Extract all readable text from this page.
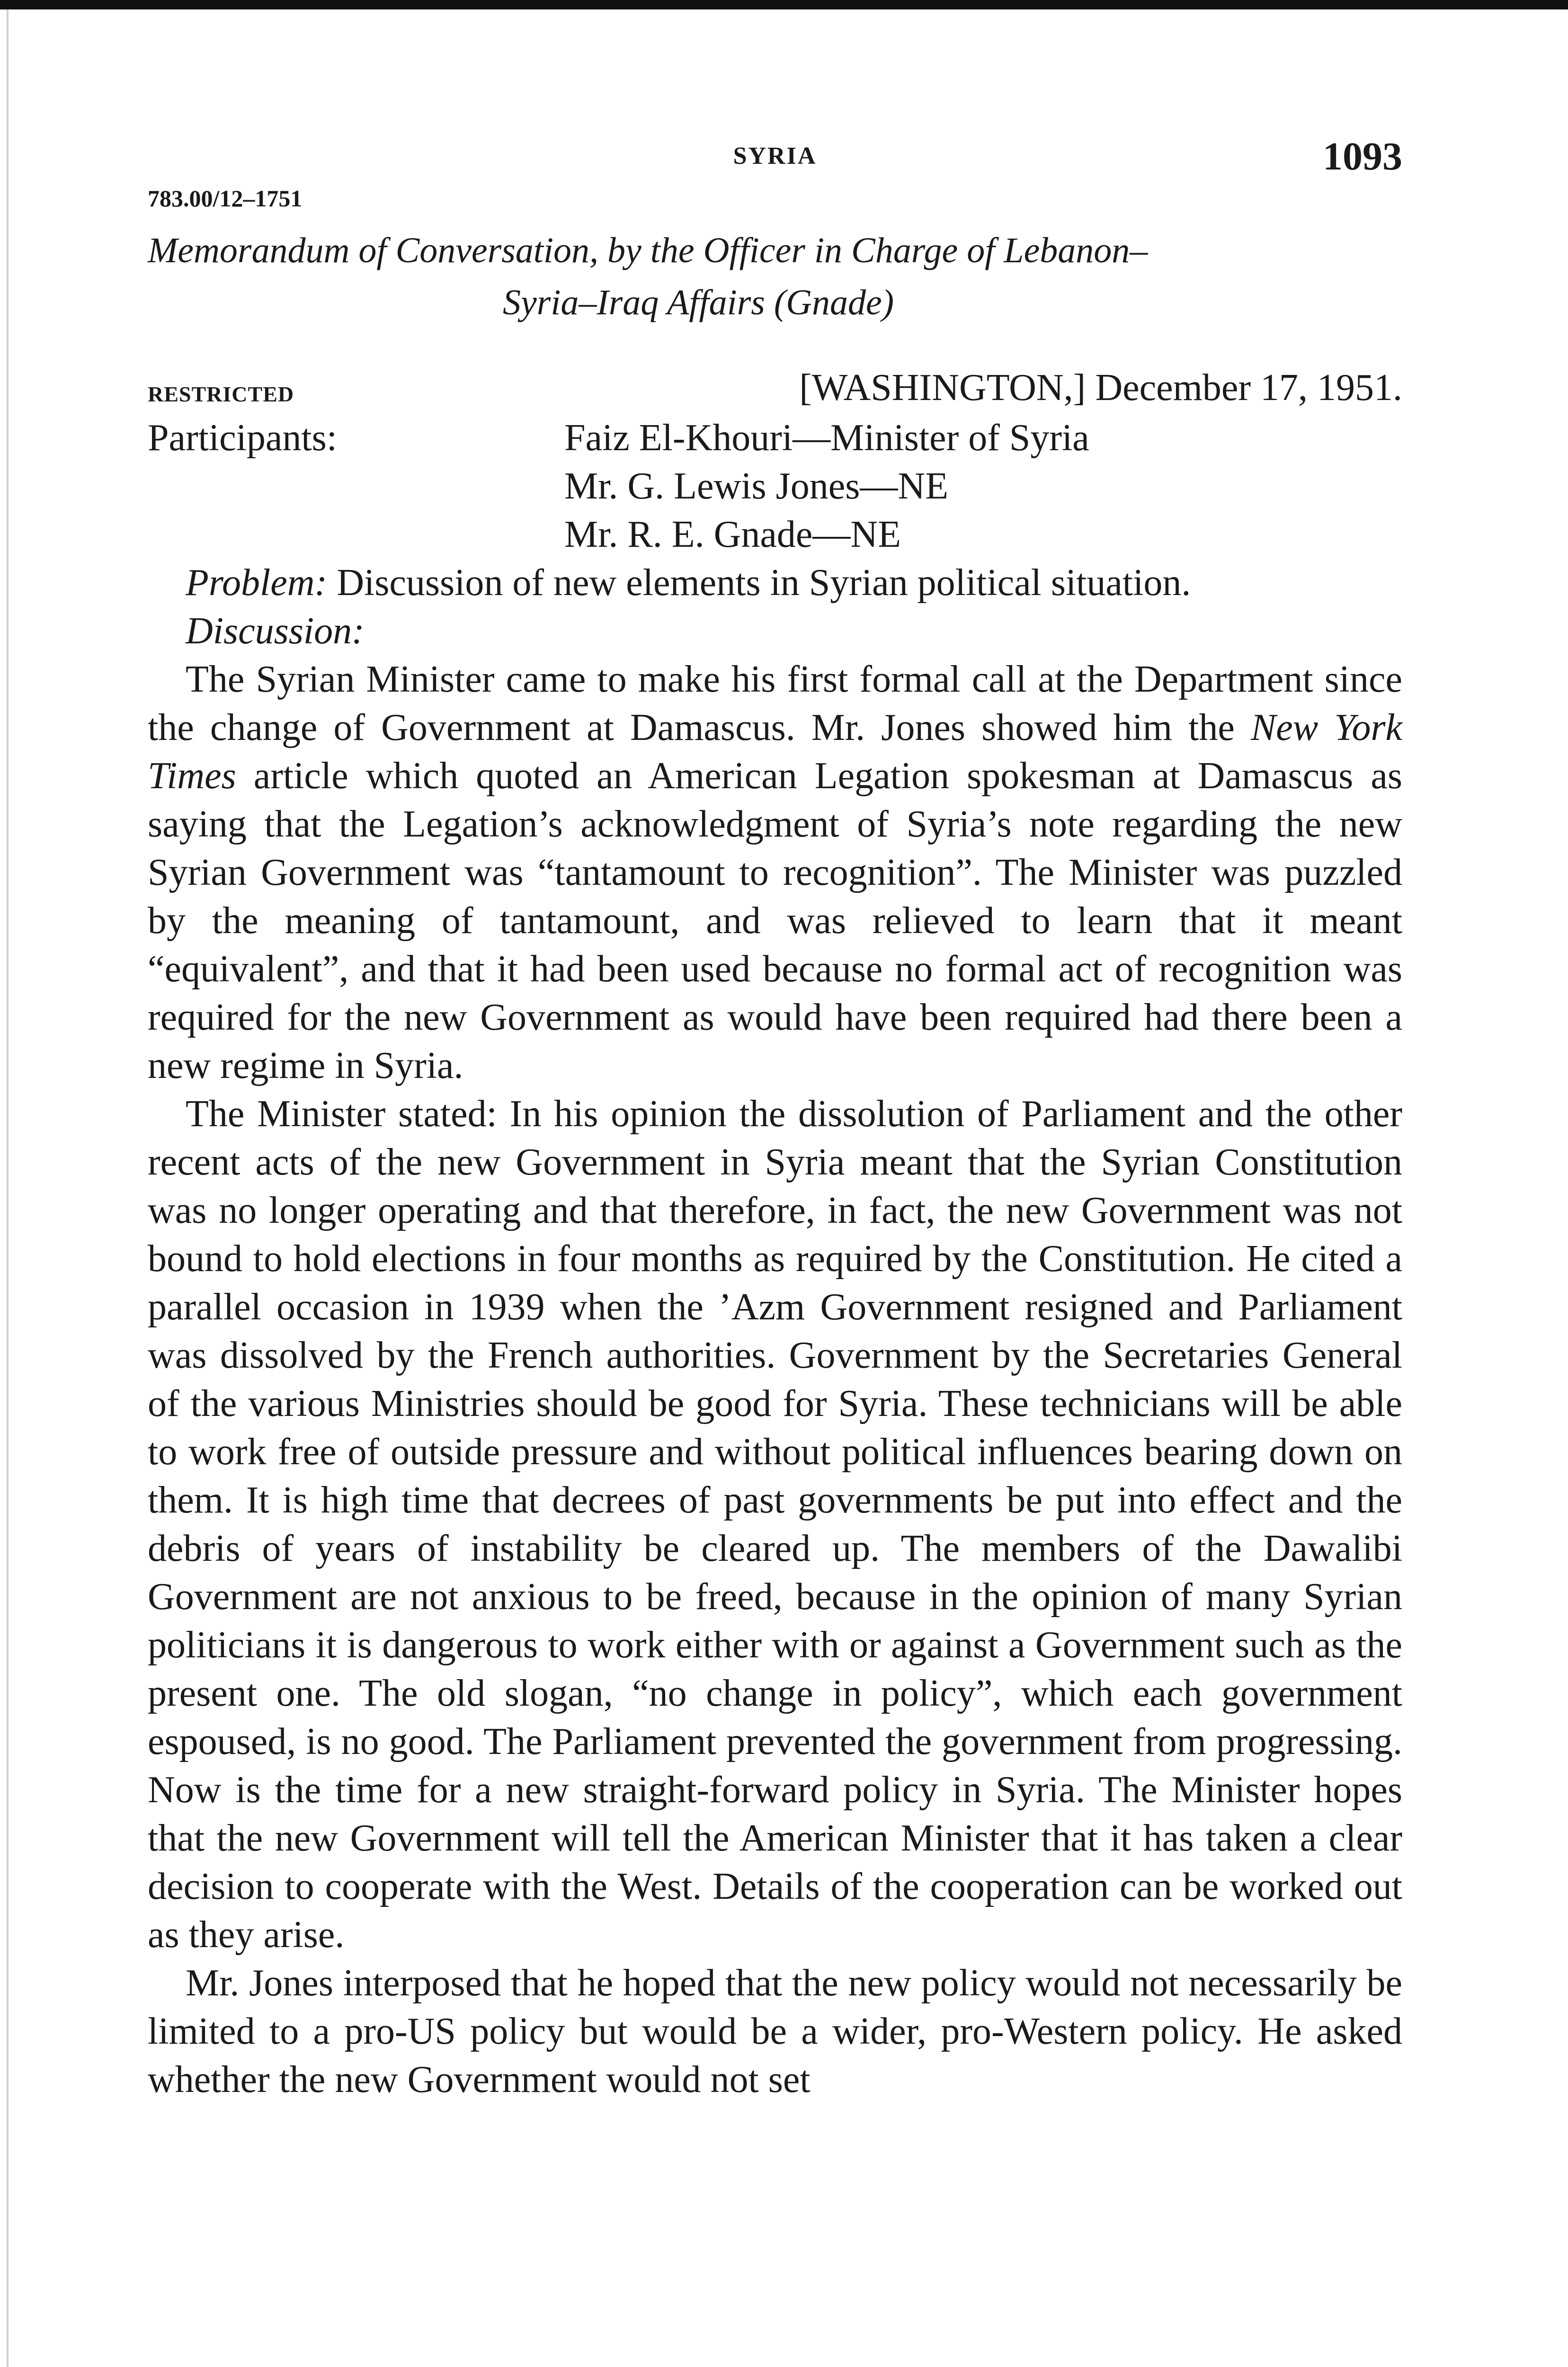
SYRIA	1093
783.00/12–1751
Memorandum of Conversation, by the Officer in Charge of Lebanon–
Syria–Iraq Affairs (Gnade)
RESTRICTED	[WASHINGTON,] December 17, 1951.
Participants:	Faiz El-Khouri—Minister of Syria
Mr. G. Lewis Jones—NE
Mr. R. E. Gnade—NE
Problem: Discussion of new elements in Syrian political situation.
Discussion:

The Syrian Minister came to make his first formal call at the Department since the change of Government at Damascus. Mr. Jones showed him the New York Times article which quoted an American Legation spokesman at Damascus as saying that the Legation’s acknowledgment of Syria’s note regarding the new Syrian Government was “tantamount to recognition”. The Minister was puzzled by the meaning of tantamount, and was relieved to learn that it meant “equivalent”, and that it had been used because no formal act of recognition was required for the new Government as would have been required had there been a new regime in Syria.

The Minister stated: In his opinion the dissolution of Parliament and the other recent acts of the new Government in Syria meant that the Syrian Constitution was no longer operating and that therefore, in fact, the new Government was not bound to hold elections in four months as required by the Constitution. He cited a parallel occasion in 1939 when the ’Azm Government resigned and Parliament was dissolved by the French authorities. Government by the Secretaries General of the various Ministries should be good for Syria. These technicians will be able to work free of outside pressure and without political influences bearing down on them. It is high time that decrees of past governments be put into effect and the debris of years of instability be cleared up. The members of the Dawalibi Government are not anxious to be freed, because in the opinion of many Syrian politicians it is dangerous to work either with or against a Government such as the present one. The old slogan, “no change in policy”, which each government espoused, is no good. The Parliament prevented the government from progressing. Now is the time for a new straight-forward policy in Syria. The Minister hopes that the new Government will tell the American Minister that it has taken a clear decision to cooperate with the West. Details of the cooperation can be worked out as they arise.

Mr. Jones interposed that he hoped that the new policy would not necessarily be limited to a pro-US policy but would be a wider, pro-Western policy. He asked whether the new Government would not set
